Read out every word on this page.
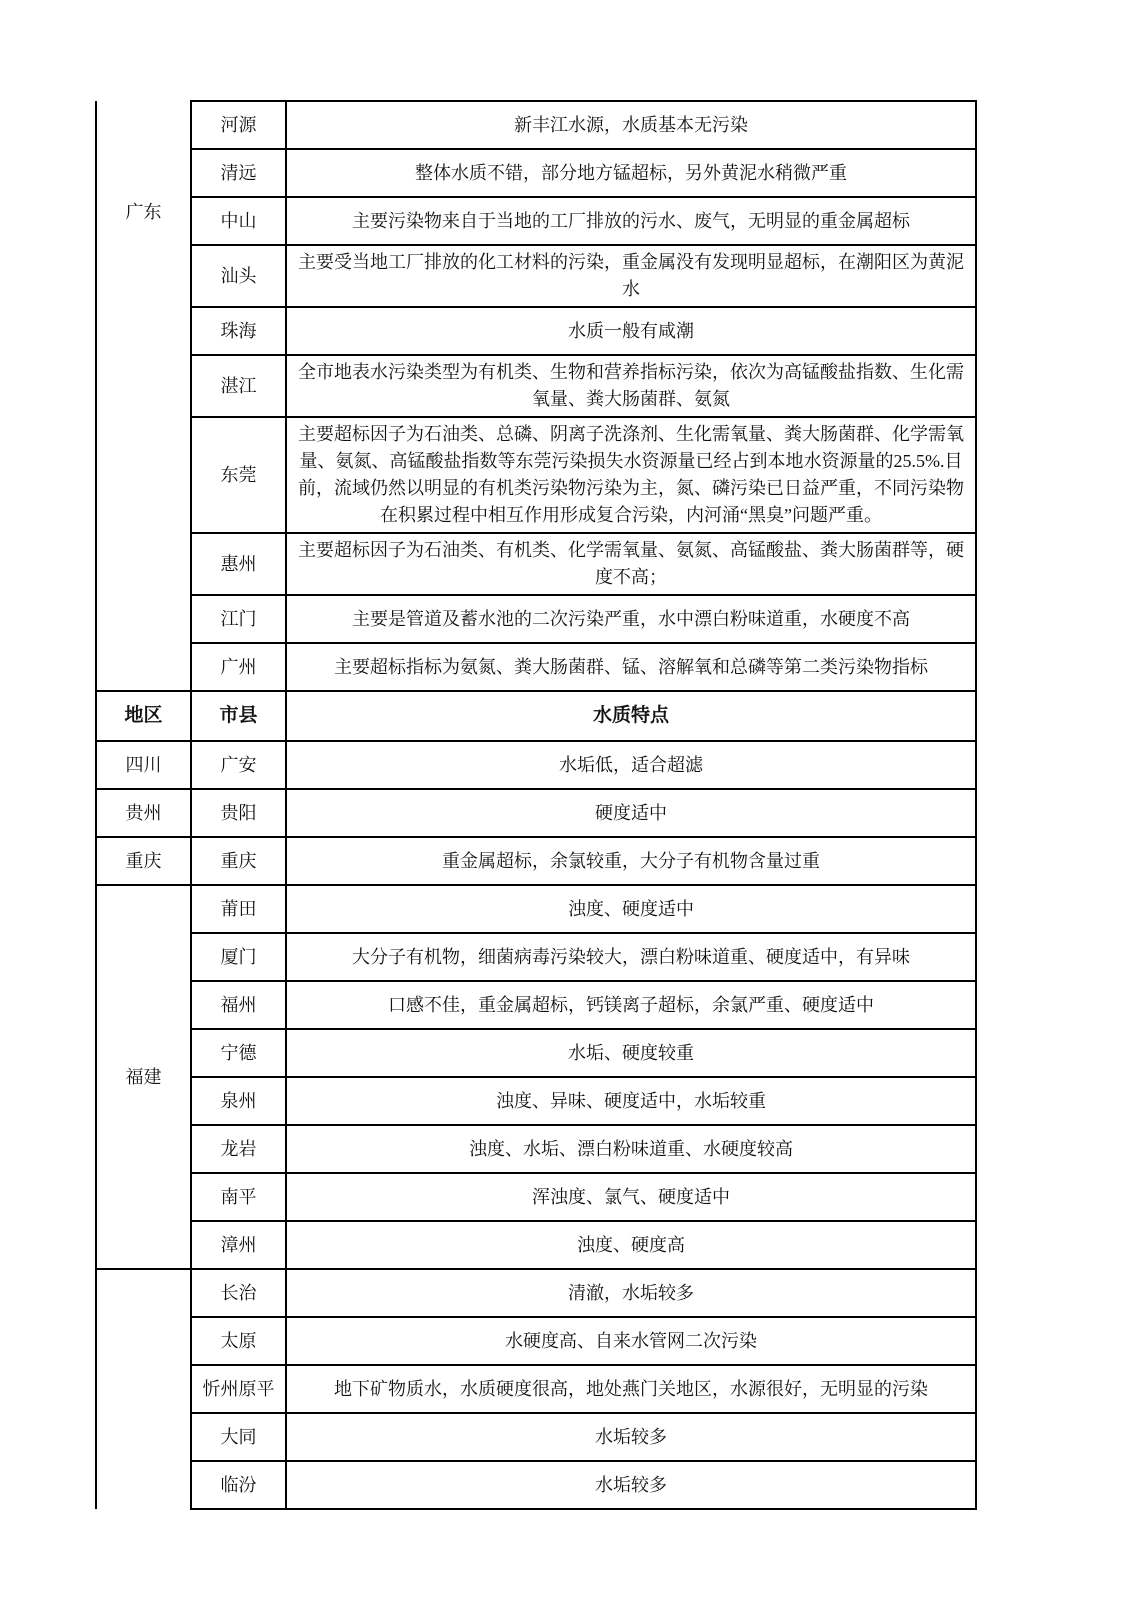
广东	河源	新丰江水源，水质基本无污染
	清远	整体水质不错，部分地方锰超标，另外黄泥水稍微严重
	中山	主要污染物来自于当地的工厂排放的污水、废气，无明显的重金属超标
	汕头	主要受当地工厂排放的化工材料的污染，重金属没有发现明显超标，在潮阳区为黄泥水
	珠海	水质一般有咸潮
	湛江	全市地表水污染类型为有机类、生物和营养指标污染，依次为高锰酸盐指数、生化需氧量、粪大肠菌群、氨氮
	东莞	主要超标因子为石油类、总磷、阴离子洗涤剂、生化需氧量、粪大肠菌群、化学需氧量、氨氮、高锰酸盐指数等东莞污染损失水资源量已经占到本地水资源量的25.5%.目前，流域仍然以明显的有机类污染物污染为主，氮、磷污染已日益严重，不同污染物在积累过程中相互作用形成复合污染，内河涌“黑臭”问题严重。
	惠州	主要超标因子为石油类、有机类、化学需氧量、氨氮、高锰酸盐、粪大肠菌群等，硬度不高；
	江门	主要是管道及蓄水池的二次污染严重，水中漂白粉味道重，水硬度不高
	广州	主要超标指标为氨氮、粪大肠菌群、锰、溶解氧和总磷等第二类污染物指标
地区	市县	水质特点

四川	广安	水垢低，适合超滤

贵州	贵阳	硬度适中

重庆	重庆	重金属超标，余氯较重，大分子有机物含量过重

福建	莆田	浊度、硬度适中
	厦门	大分子有机物，细菌病毒污染较大，漂白粉味道重、硬度适中，有异味
	福州	口感不佳，重金属超标，钙镁离子超标，余氯严重、硬度适中
	宁德	水垢、硬度较重
	泉州	浊度、异味、硬度适中，水垢较重
	龙岩	浊度、水垢、漂白粉味道重、水硬度较高
	南平	浑浊度、氯气、硬度适中
	漳州	浊度、硬度高

	长治	清澈，水垢较多
	太原	水硬度高、自来水管网二次污染
	忻州原平	地下矿物质水，水质硬度很高，地处燕门关地区，水源很好，无明显的污染
	大同	水垢较多
	临汾	水垢较多
